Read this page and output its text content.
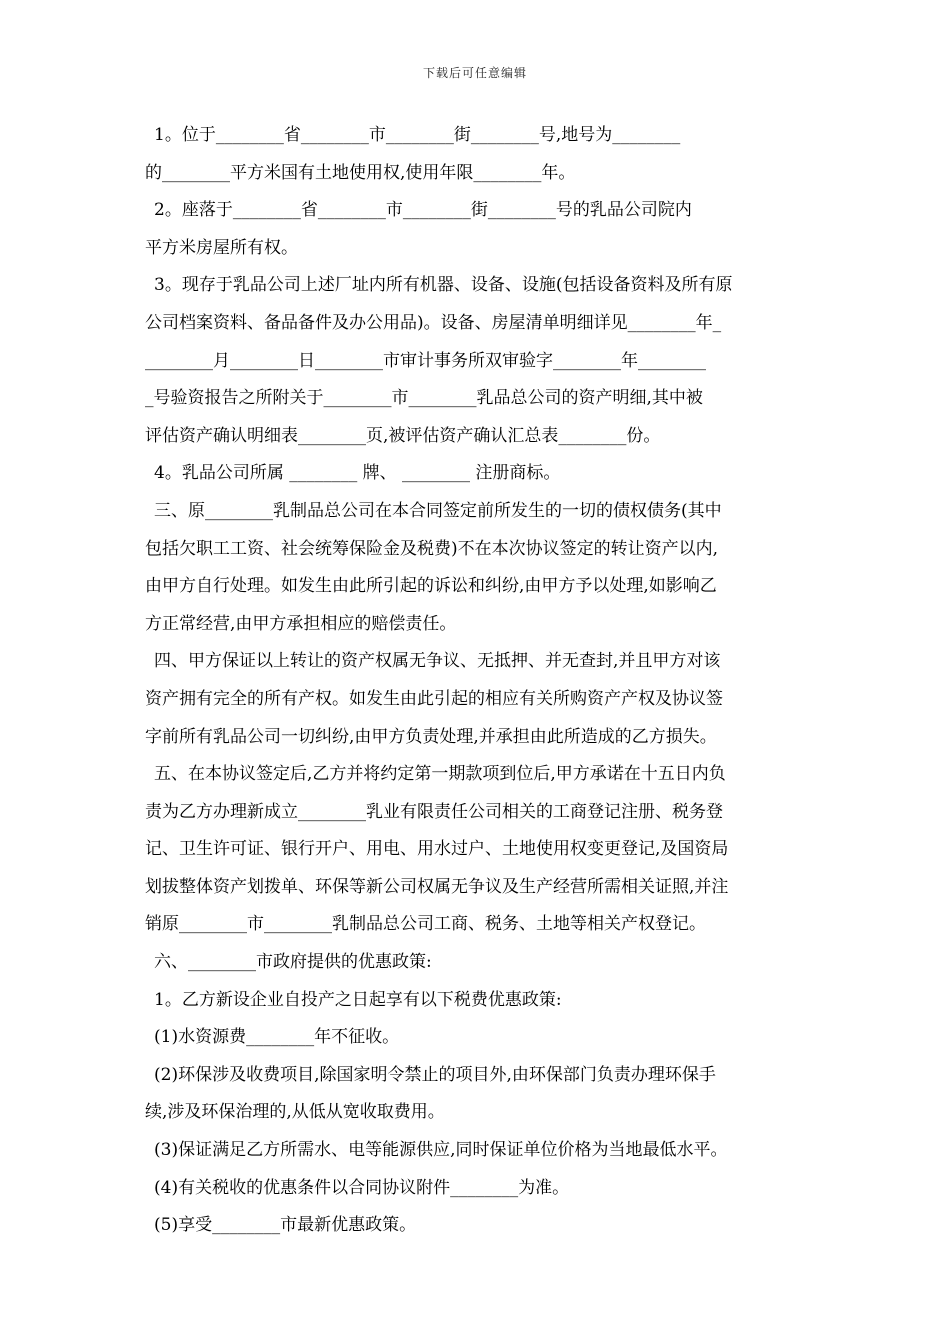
下载后可任意编辑
1。位于________省________市________街________号,地号为________
的________平方米国有土地使用权,使用年限________年。
2。座落于________省________市________街________号的乳品公司院内
平方米房屋所有权。
3。现存于乳品公司上述厂址内所有机器、设备、设施(包括设备资料及所有原
公司档案资料、备品备件及办公用品)。设备、房屋清单明细详见________年_
________月________日________市审计事务所双审验字________年________
_号验资报告之所附关于________市________乳品总公司的资产明细,其中被
评估资产确认明细表________页,被评估资产确认汇总表________份。
4。乳品公司所属 ________ 牌、 ________ 注册商标。
三、原________乳制品总公司在本合同签定前所发生的一切的债权债务(其中
包括欠职工工资、社会统筹保险金及税费)不在本次协议签定的转让资产以内,
由甲方自行处理。如发生由此所引起的诉讼和纠纷,由甲方予以处理,如影响乙
方正常经营,由甲方承担相应的赔偿责任。
四、甲方保证以上转让的资产权属无争议、无抵押、并无查封,并且甲方对该
资产拥有完全的所有产权。如发生由此引起的相应有关所购资产产权及协议签
字前所有乳品公司一切纠纷,由甲方负责处理,并承担由此所造成的乙方损失。
五、在本协议签定后,乙方并将约定第一期款项到位后,甲方承诺在十五日内负
责为乙方办理新成立________乳业有限责任公司相关的工商登记注册、税务登
记、卫生许可证、银行开户、用电、用水过户、土地使用权变更登记,及国资局
划拔整体资产划拨单、环保等新公司权属无争议及生产经营所需相关证照,并注
销原________市________乳制品总公司工商、税务、土地等相关产权登记。
六、________市政府提供的优惠政策:
1。乙方新设企业自投产之日起享有以下税费优惠政策:
(1)水资源费________年不征收。
(2)环保涉及收费项目,除国家明令禁止的项目外,由环保部门负责办理环保手
续,涉及环保治理的,从低从宽收取费用。
(3)保证满足乙方所需水、电等能源供应,同时保证单位价格为当地最低水平。
(4)有关税收的优惠条件以合同协议附件________为准。
(5)享受________市最新优惠政策。
